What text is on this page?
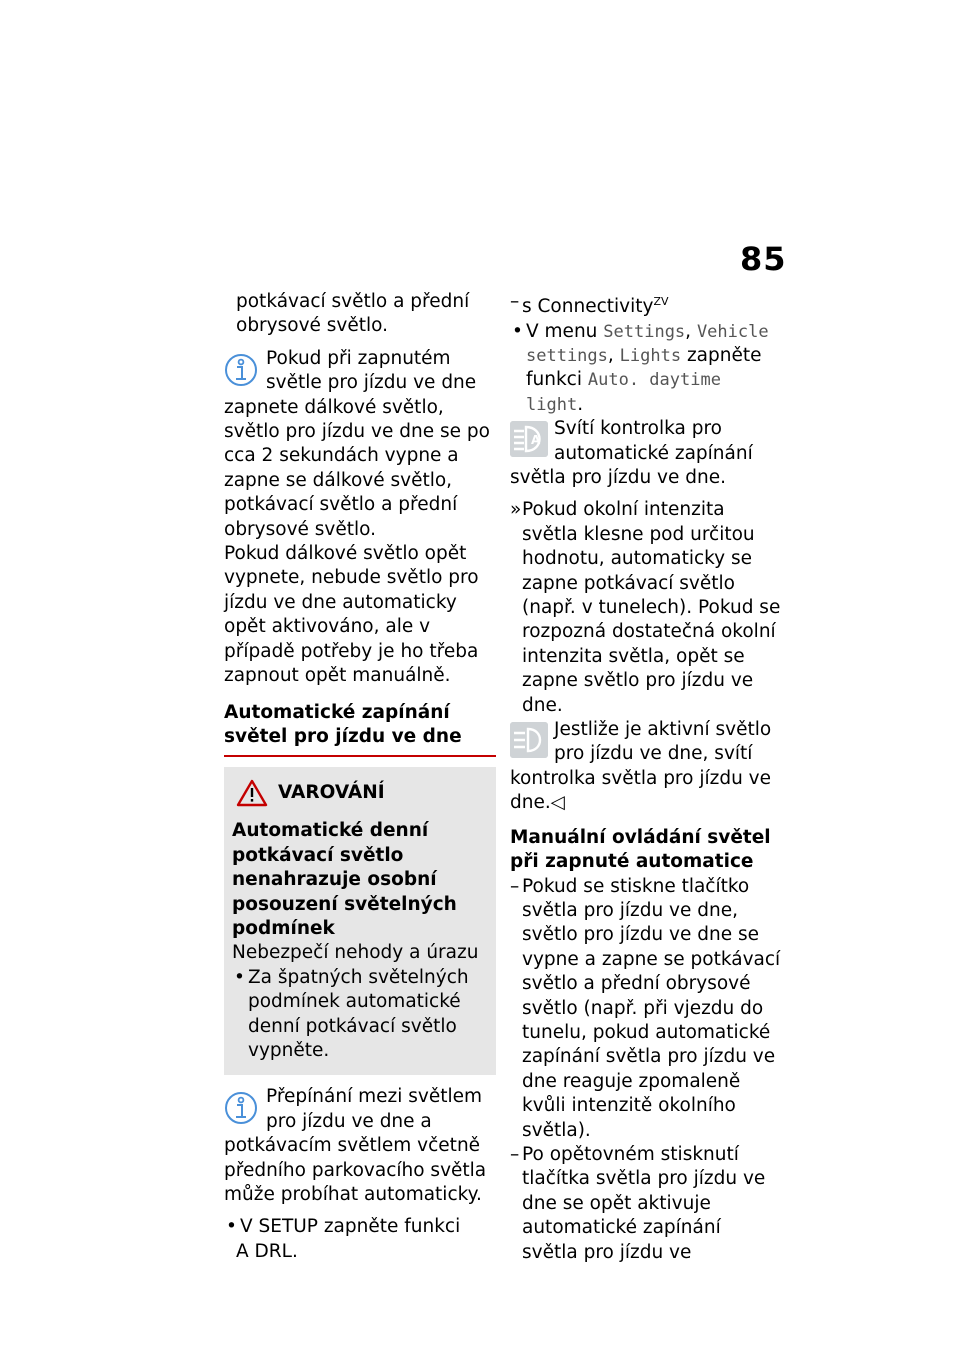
85

potkávací světlo a přední

obrysové světlo.

Pokud při zapnutém světle pro jízdu ve dne zapnete dálkové světlo, světlo pro jízdu ve dne se po cca 2 sekundách vypne a zapne se dálkové světlo, potkávací světlo a přední obrysové světlo.

Pokud dálkové světlo opět vypnete, nebude světlo pro jízdu ve dne automaticky opět aktivováno, ale v případě potřeby je ho třeba zapnout opět manuálně.

Automatické zapínání světel pro jízdu ve dne
VAROVÁNÍ

Automatické denní potkávací světlo nenahrazuje osobní posouzení světelných podmínek

Nebezpečí nehody a úrazu

• Za špatných světelných podmínek automatické denní potkávací světlo vypněte.

Přepínání mezi světlem pro jízdu ve dne a potkávacím světlem včetně předního parkovacího světla může probíhat automaticky.

• V SETUP zapněte funkci

A DRL.

– s Connectivity$^{ZV}$

• V menu Settings, Vehicle settings, Lights zapněte funkci Auto. daytime light.

A

Svítí kontrolka pro automatické zapínání světla pro jízdu ve dne.

» Pokud okolní intenzita světla klesne pod určitou hodnotu, automaticky se zapne potkávací světlo (např. v tunelech). Pokud se rozpozná dostatečná okolní intenzita světla, opět se zapne světlo pro jízdu ve dne.

Jestliže je aktivní světlo pro jízdu ve dne, svítí kontrolka světla pro jízdu ve dne.◁

Manuální ovládání světel při zapnuté automatice

– Pokud se stiskne tlačítko světla pro jízdu ve dne, světlo pro jízdu ve dne se vypne a zapne se potkávací světlo a přední obrysové světlo (např. při vjezdu do tunelu, pokud automatické zapínání světla pro jízdu ve dne reaguje zpomaleně kvůli intenzitě okolního světla).

– Po opětovném stisknutí tlačítka světla pro jízdu ve dne se opět aktivuje automatické zapínání světla pro jízdu ve
